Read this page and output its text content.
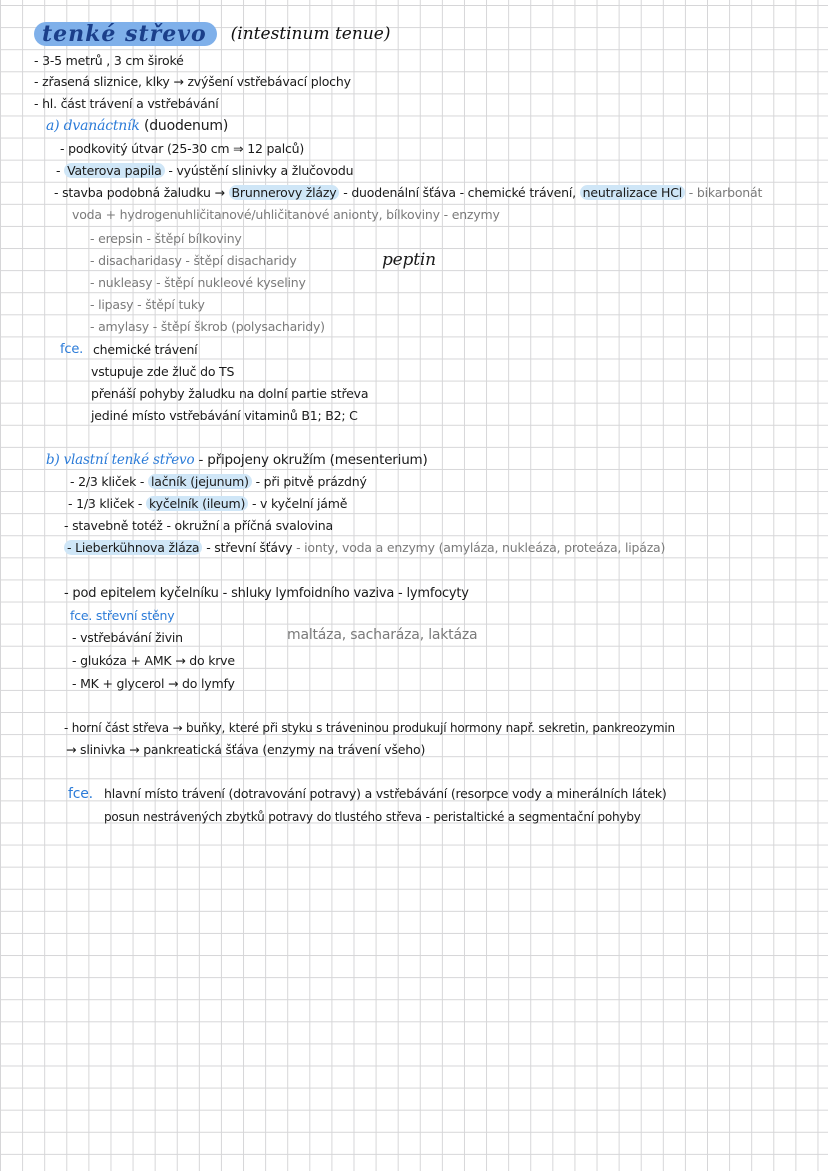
tenké střevo	(intestinum tenue)
- 3-5 metrů , 3 cm široké
- zřasená sliznice, klky → zvýšení vstřebávací plochy
- hl. část trávení a vstřebávání
a) dvanáctník (duodenum)
- podkovitý útvar (25-30 cm ⇒ 12 palců)
- Vaterova papila - vyústění slinivky a žlučovodu
- stavba podobná žaludku → Brunnerovy žlázy - duodenální šťáva - chemické trávení, neutralizace HCl - bikarbonát
voda + hydrogenuhličitanové/uhličitanové anionty, bílkoviny - enzymy
- erepsin - štěpí bílkoviny
- disacharidasy - štěpí disacharidy
- nukleasy - štěpí nukleové kyseliny
- lipasy - štěpí tuky
- amylasy - štěpí škrob (polysacharidy)
peptin
fce. chemické trávení
vstupuje zde žluč do TS
přenáší pohyby žaludku na dolní partie střeva
jediné místo vstřebávání vitaminů B1; B2; C
b) vlastní tenké střevo - připojeny okružím (mesenterium)
- 2/3 kliček - lačník (jejunum) - při pitvě prázdný
- 1/3 kliček - kyčelník (ileum) - v kyčelní jámě
- stavebně totéž - okružní a příčná svalovina
- Lieberkühnova žláza - střevní šťávy - ionty, voda a enzymy (amyláza, nukleáza, proteáza, lipáza)
- pod epitelem kyčelníku - shluky lymfoidního vaziva - lymfocyty
fce. střevní stěny
- vstřebávání živin
- glukóza + AMK → do krve
- MK + glycerol → do lymfy
maltáza, sacharáza, laktáza
- horní část střeva → buňky, které při styku s tráveninou produkují hormony např. sekretin, pankreozymin
→ slinivka → pankreatická šťáva (enzymy na trávení všeho)
fce. hlavní místo trávení (dotravování potravy) a vstřebávání (resorpce vody a minerálních látek)
posun nestrávených zbytků potravy do tlustého střeva - peristaltické a segmentační pohyby
